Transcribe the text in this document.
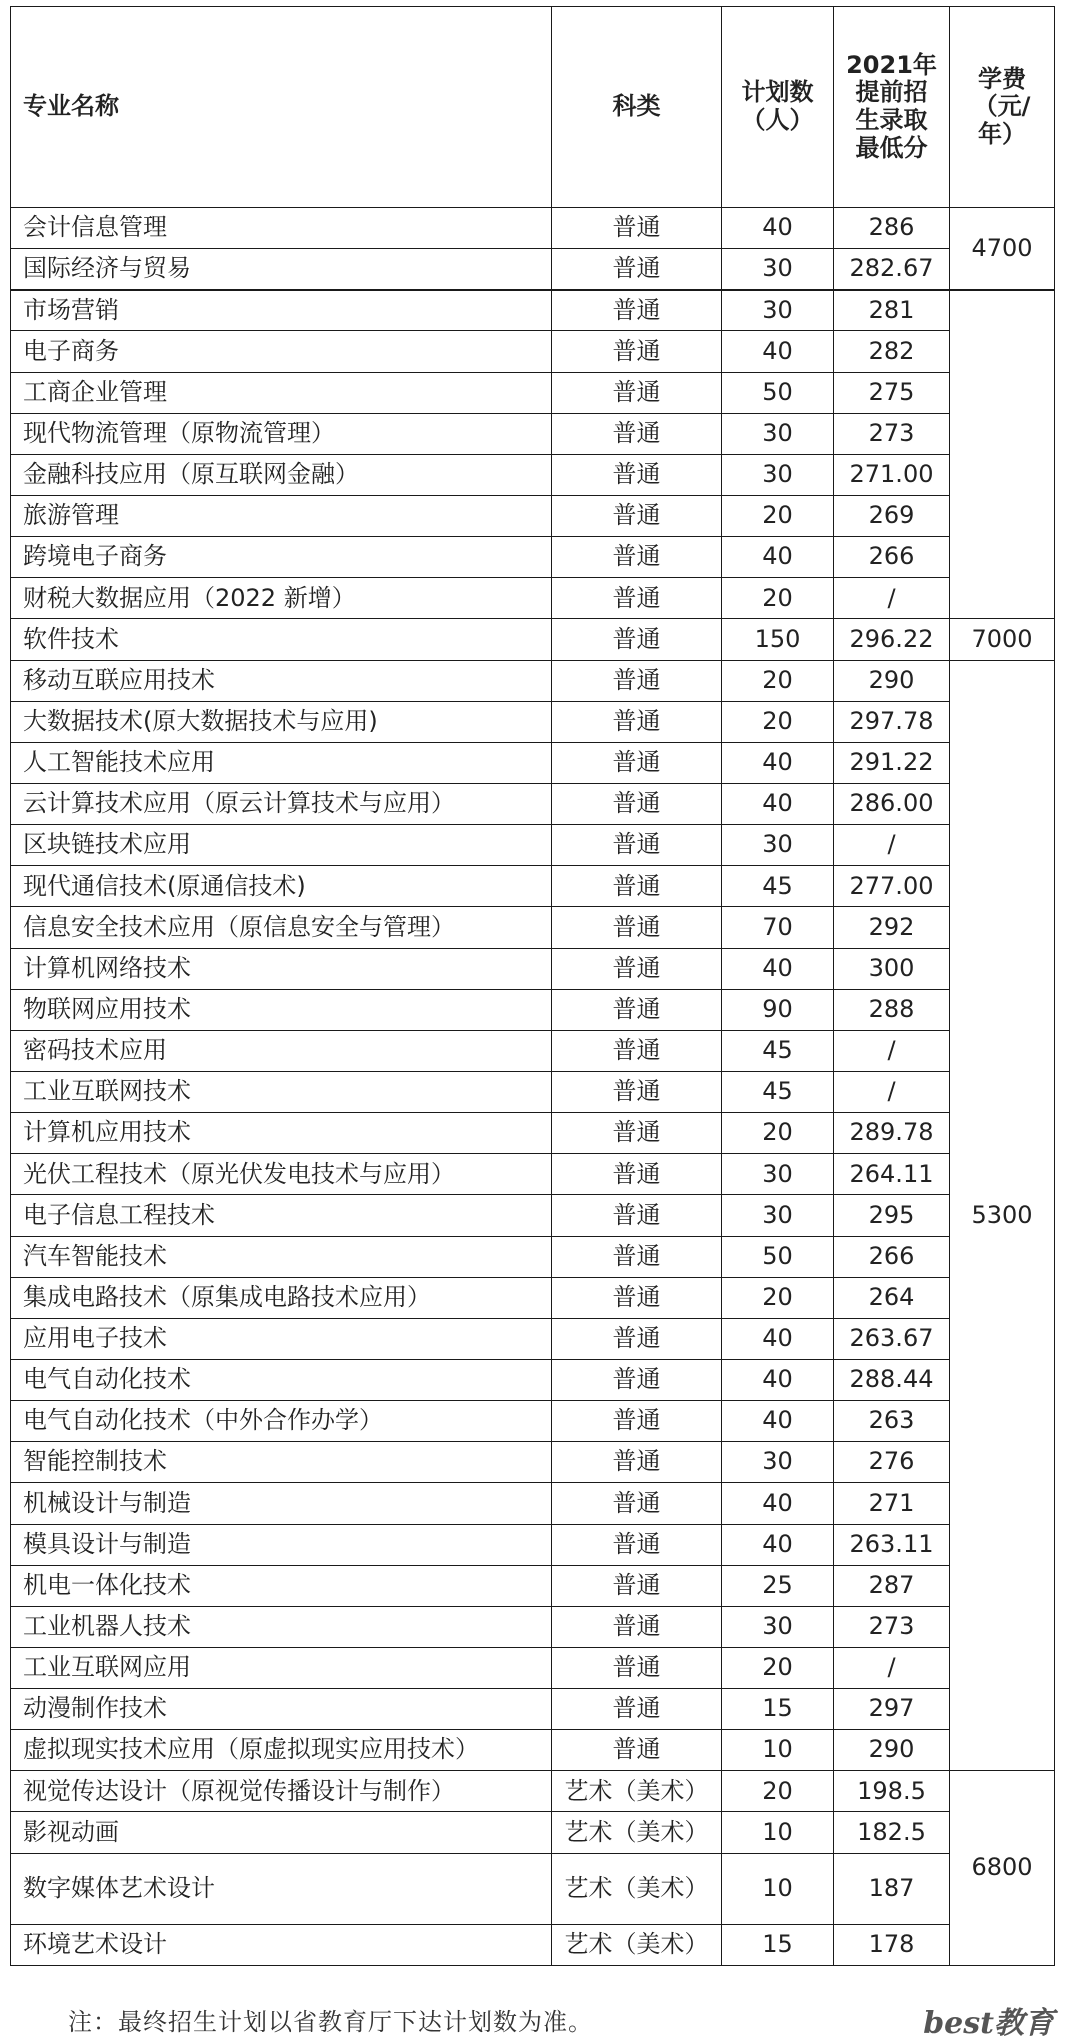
专业名称	科类	计划数（人）	2021年提前招生录取最低分	学费（元/年）
会计信息管理	普通	40	286	4700
国际经济与贸易	普通	30	282.67	
市场营销	普通	30	281	
电子商务	普通	40	282	
工商企业管理	普通	50	275	
现代物流管理（原物流管理）	普通	30	273	
金融科技应用（原互联网金融）	普通	30	271.00	
旅游管理	普通	20	269	
跨境电子商务	普通	40	266	
财税大数据应用（2022 新增）	普通	20	/	
软件技术	普通	150	296.22	7000
移动互联应用技术	普通	20	290	5300
大数据技术(原大数据技术与应用)	普通	20	297.78	
人工智能技术应用	普通	40	291.22	
云计算技术应用（原云计算技术与应用）	普通	40	286.00	
区块链技术应用	普通	30	/	
现代通信技术(原通信技术)	普通	45	277.00	
信息安全技术应用（原信息安全与管理）	普通	70	292	
计算机网络技术	普通	40	300	
物联网应用技术	普通	90	288	
密码技术应用	普通	45	/	
工业互联网技术	普通	45	/	
计算机应用技术	普通	20	289.78	
光伏工程技术（原光伏发电技术与应用）	普通	30	264.11	
电子信息工程技术	普通	30	295	
汽车智能技术	普通	50	266	
集成电路技术（原集成电路技术应用）	普通	20	264	
应用电子技术	普通	40	263.67	
电气自动化技术	普通	40	288.44	
电气自动化技术（中外合作办学）	普通	40	263	
智能控制技术	普通	30	276	
机械设计与制造	普通	40	271	
模具设计与制造	普通	40	263.11	
机电一体化技术	普通	25	287	
工业机器人技术	普通	30	273	
工业互联网应用	普通	20	/	
动漫制作技术	普通	15	297	
虚拟现实技术应用（原虚拟现实应用技术）	普通	10	290	
视觉传达设计（原视觉传播设计与制作）	艺术（美术）	20	198.5	6800
影视动画	艺术（美术）	10	182.5	
数字媒体艺术设计	艺术（美术）	10	187	
环境艺术设计	艺术（美术）	15	178	
注：最终招生计划以省教育厅下达计划数为准。	best教育
